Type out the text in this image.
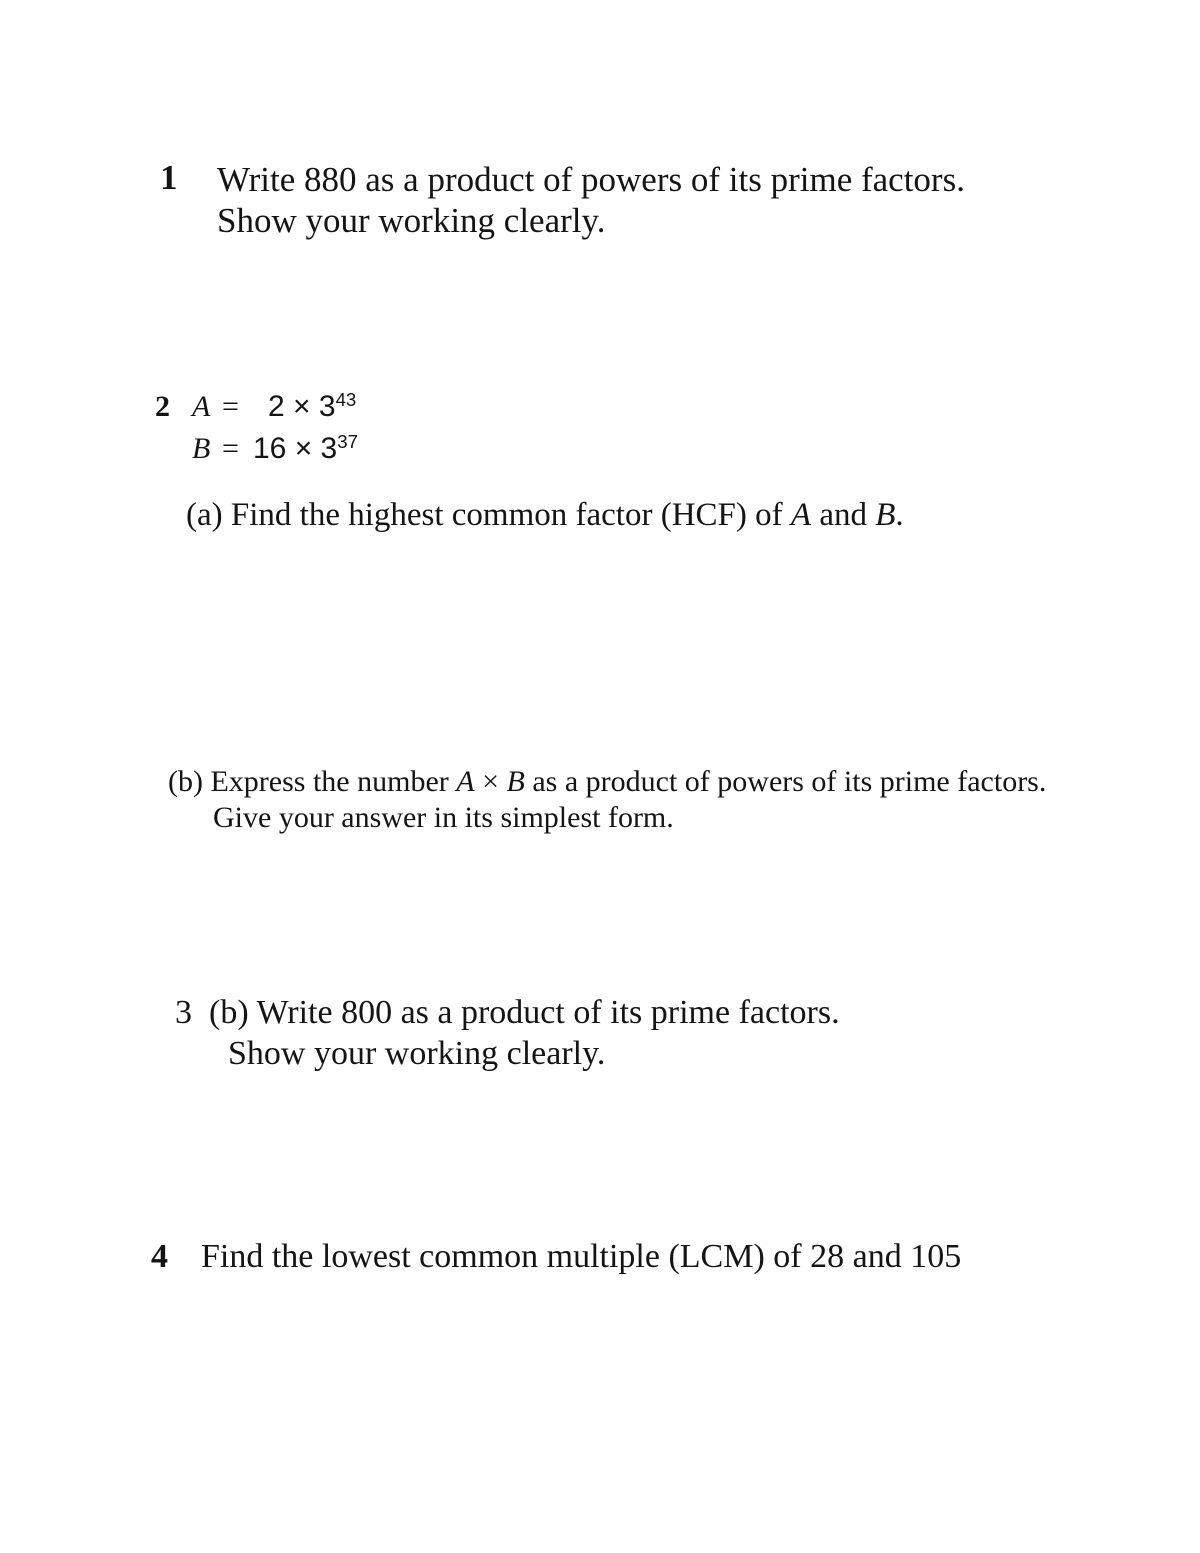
1 Write 880 as a product of powers of its prime factors.
Show your working clearly.
2 $A = 2 \times 3^{43}$
$B = 16 \times 3^{37}$
(a) Find the highest common factor (HCF) of A and B.
(b) Express the number A × B as a product of powers of its prime factors.
Give your answer in its simplest form.
3  (b) Write 800 as a product of its prime factors.
Show your working clearly.
4 Find the lowest common multiple (LCM) of 28 and 105
